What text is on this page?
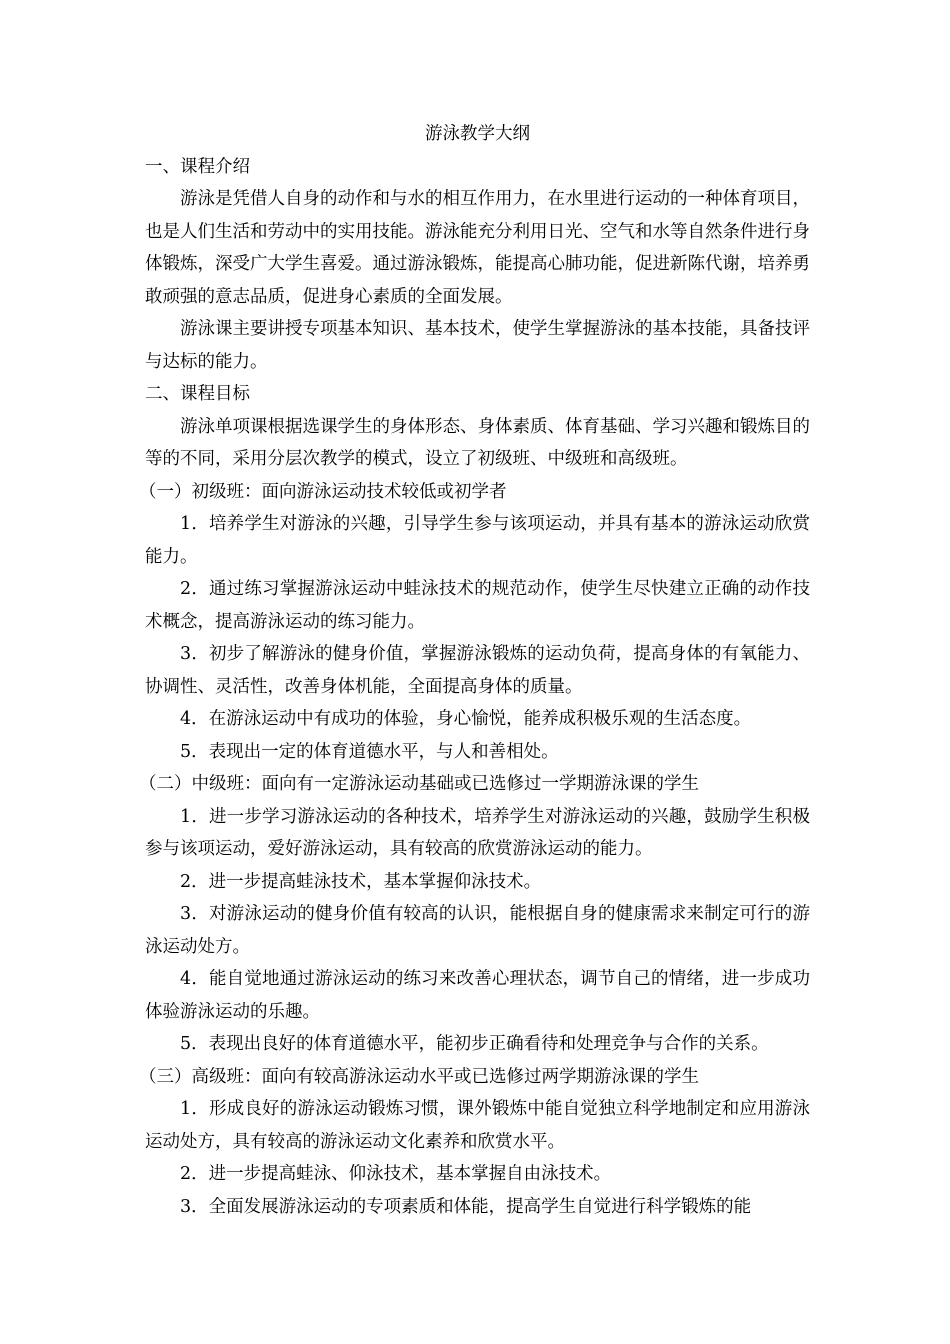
游泳教学大纲

一、课程介绍

游泳是凭借人自身的动作和与水的相互作用力，在水里进行运动的一种体育项目，也是人们生活和劳动中的实用技能。游泳能充分利用日光、空气和水等自然条件进行身体锻炼，深受广大学生喜爱。通过游泳锻炼，能提高心肺功能，促进新陈代谢，培养勇敢顽强的意志品质，促进身心素质的全面发展。

游泳课主要讲授专项基本知识、基本技术，使学生掌握游泳的基本技能，具备技评与达标的能力。

二、课程目标

游泳单项课根据选课学生的身体形态、身体素质、体育基础、学习兴趣和锻炼目的等的不同，采用分层次教学的模式，设立了初级班、中级班和高级班。

（一）初级班：面向游泳运动技术较低或初学者

1．培养学生对游泳的兴趣，引导学生参与该项运动，并具有基本的游泳运动欣赏能力。

2．通过练习掌握游泳运动中蛙泳技术的规范动作，使学生尽快建立正确的动作技术概念，提高游泳运动的练习能力。

3．初步了解游泳的健身价值，掌握游泳锻炼的运动负荷，提高身体的有氧能力、协调性、灵活性，改善身体机能，全面提高身体的质量。

4．在游泳运动中有成功的体验，身心愉悦，能养成积极乐观的生活态度。

5．表现出一定的体育道德水平，与人和善相处。

（二）中级班：面向有一定游泳运动基础或已选修过一学期游泳课的学生

1．进一步学习游泳运动的各种技术，培养学生对游泳运动的兴趣，鼓励学生积极参与该项运动，爱好游泳运动，具有较高的欣赏游泳运动的能力。

2．进一步提高蛙泳技术，基本掌握仰泳技术。

3．对游泳运动的健身价值有较高的认识，能根据自身的健康需求来制定可行的游泳运动处方。

4．能自觉地通过游泳运动的练习来改善心理状态，调节自己的情绪，进一步成功体验游泳运动的乐趣。

5．表现出良好的体育道德水平，能初步正确看待和处理竞争与合作的关系。

（三）高级班：面向有较高游泳运动水平或已选修过两学期游泳课的学生

1．形成良好的游泳运动锻炼习惯，课外锻炼中能自觉独立科学地制定和应用游泳运动处方，具有较高的游泳运动文化素养和欣赏水平。

2．进一步提高蛙泳、仰泳技术，基本掌握自由泳技术。

3．全面发展游泳运动的专项素质和体能，提高学生自觉进行科学锻炼的能
